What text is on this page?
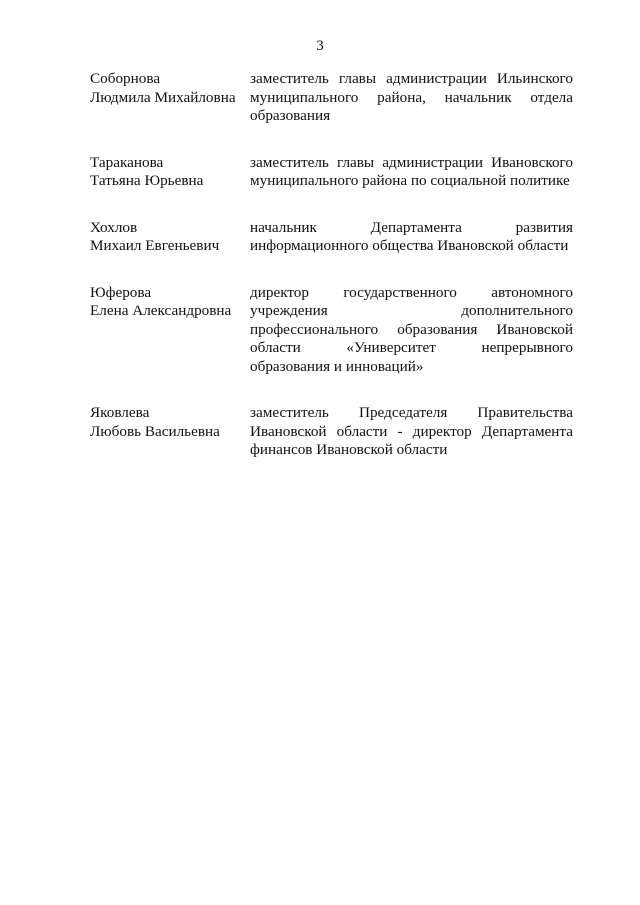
3
Собoрнова
Людмила Михайловна
заместитель главы администрации Ильинского муниципального района, начальник отдела образования
Тараканова
Татьяна Юрьевна
заместитель главы администрации Ивановского муниципального района по социальной политике
Хохлов
Михаил Евгеньевич
начальник Департамента развития информационного общества Ивановской области
Юферова
Елена Александровна
директор государственного автономного учреждения дополнительного профессионального образования Ивановской области «Университет непрерывного образования и инноваций»
Яковлева
Любовь Васильевна
заместитель Председателя Правительства Ивановской области - директор Департамента финансов Ивановской области
